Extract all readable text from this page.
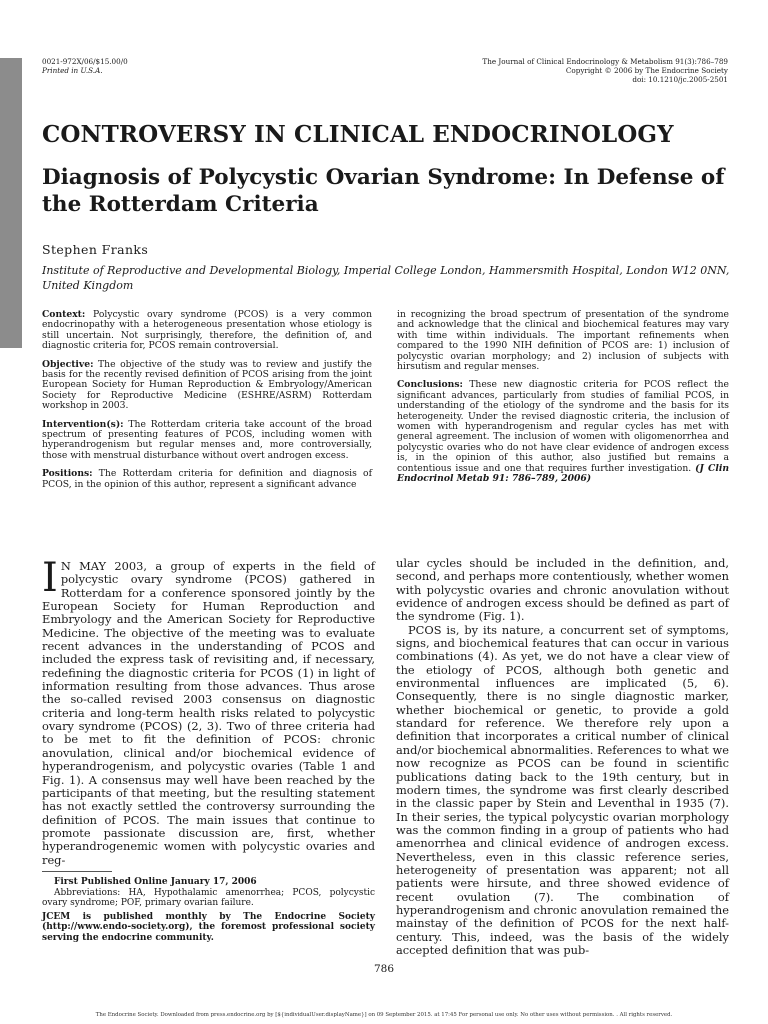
0021-972X/06/$15.00/0
Printed in U.S.A.
The Journal of Clinical Endocrinology & Metabolism 91(3):786–789
Copyright © 2006 by The Endocrine Society
doi: 10.1210/jc.2005-2501
CONTROVERSY IN CLINICAL ENDOCRINOLOGY
Diagnosis of Polycystic Ovarian Syndrome: In Defense of the Rotterdam Criteria
Stephen Franks
Institute of Reproductive and Developmental Biology, Imperial College London, Hammersmith Hospital, London W12 0NN, United Kingdom

Context: Polycystic ovary syndrome (PCOS) is a very common endocrinopathy with a heterogeneous presentation whose etiology is still uncertain. Not surprisingly, therefore, the definition of, and diagnostic criteria for, PCOS remain controversial.

Objective: The objective of the study was to review and justify the basis for the recently revised definition of PCOS arising from the joint European Society for Human Reproduction & Embryology/American Society for Reproductive Medicine (ESHRE/ASRM) Rotterdam workshop in 2003.

Intervention(s): The Rotterdam criteria take account of the broad spectrum of presenting features of PCOS, including women with hyperandrogenism but regular menses and, more controversially, those with menstrual disturbance without overt androgen excess.

Positions: The Rotterdam criteria for definition and diagnosis of PCOS, in the opinion of this author, represent a significant advance

in recognizing the broad spectrum of presentation of the syndrome and acknowledge that the clinical and biochemical features may vary with time within individuals. The important refinements when compared to the 1990 NIH definition of PCOS are: 1) inclusion of polycystic ovarian morphology; and 2) inclusion of subjects with hirsutism and regular menses.

Conclusions: These new diagnostic criteria for PCOS reflect the significant advances, particularly from studies of familial PCOS, in understanding of the etiology of the syndrome and the basis for its heterogeneity. Under the revised diagnostic criteria, the inclusion of women with hyperandrogenism and regular cycles has met with general agreement. The inclusion of women with oligomenorrhea and polycystic ovaries who do not have clear evidence of androgen excess is, in the opinion of this author, also justified but remains a contentious issue and one that requires further investigation. (J Clin Endocrinol Metab 91: 786–789, 2006)

I N MAY 2003, a group of experts in the field of polycystic ovary syndrome (PCOS) gathered in Rotterdam for a conference sponsored jointly by the European Society for Human Reproduction and Embryology and the American Society for Reproductive Medicine. The objective of the meeting was to evaluate recent advances in the understanding of PCOS and included the express task of revisiting and, if necessary, redefining the diagnostic criteria for PCOS (1) in light of information resulting from those advances. Thus arose the so-called revised 2003 consensus on diagnostic criteria and long-term health risks related to polycystic ovary syndrome (PCOS) (2, 3). Two of three criteria had to be met to fit the definition of PCOS: chronic anovulation, clinical and/or biochemical evidence of hyperandrogenism, and polycystic ovaries (Table 1 and Fig. 1). A consensus may well have been reached by the participants of that meeting, but the resulting statement has not exactly settled the controversy surrounding the definition of PCOS. The main issues that continue to promote passionate discussion are, first, whether hyperandrogenemic women with polycystic ovaries and reg-

ular cycles should be included in the definition, and, second, and perhaps more contentiously, whether women with polycystic ovaries and chronic anovulation without evidence of androgen excess should be defined as part of the syndrome (Fig. 1).

PCOS is, by its nature, a concurrent set of symptoms, signs, and biochemical features that can occur in various combinations (4). As yet, we do not have a clear view of the etiology of PCOS, although both genetic and environmental influences are implicated (5, 6). Consequently, there is no single diagnostic marker, whether biochemical or genetic, to provide a gold standard for reference. We therefore rely upon a definition that incorporates a critical number of clinical and/or biochemical abnormalities. References to what we now recognize as PCOS can be found in scientific publications dating back to the 19th century, but in modern times, the syndrome was first clearly described in the classic paper by Stein and Leventhal in 1935 (7). In their series, the typical polycystic ovarian morphology was the common finding in a group of patients who had amenorrhea and clinical evidence of androgen excess. Nevertheless, even in this classic reference series, heterogeneity of presentation was apparent; not all patients were hirsute, and three showed evidence of recent ovulation (7). The combination of hyperandrogenism and chronic anovulation remained the mainstay of the definition of PCOS for the next half-century. This, indeed, was the basis of the widely accepted definition that was pub-

First Published Online January 17, 2006

Abbreviations: HA, Hypothalamic amenorrhea; PCOS, polycystic ovary syndrome; POF, primary ovarian failure.

JCEM is published monthly by The Endocrine Society (http://www.endo-society.org), the foremost professional society serving the endocrine community.

786
The Endocrine Society. Downloaded from press.endocrine.org by [${individualUser.displayName}] on 09 September 2015. at 17:45 For personal use only. No other uses without permission. . All rights reserved.
